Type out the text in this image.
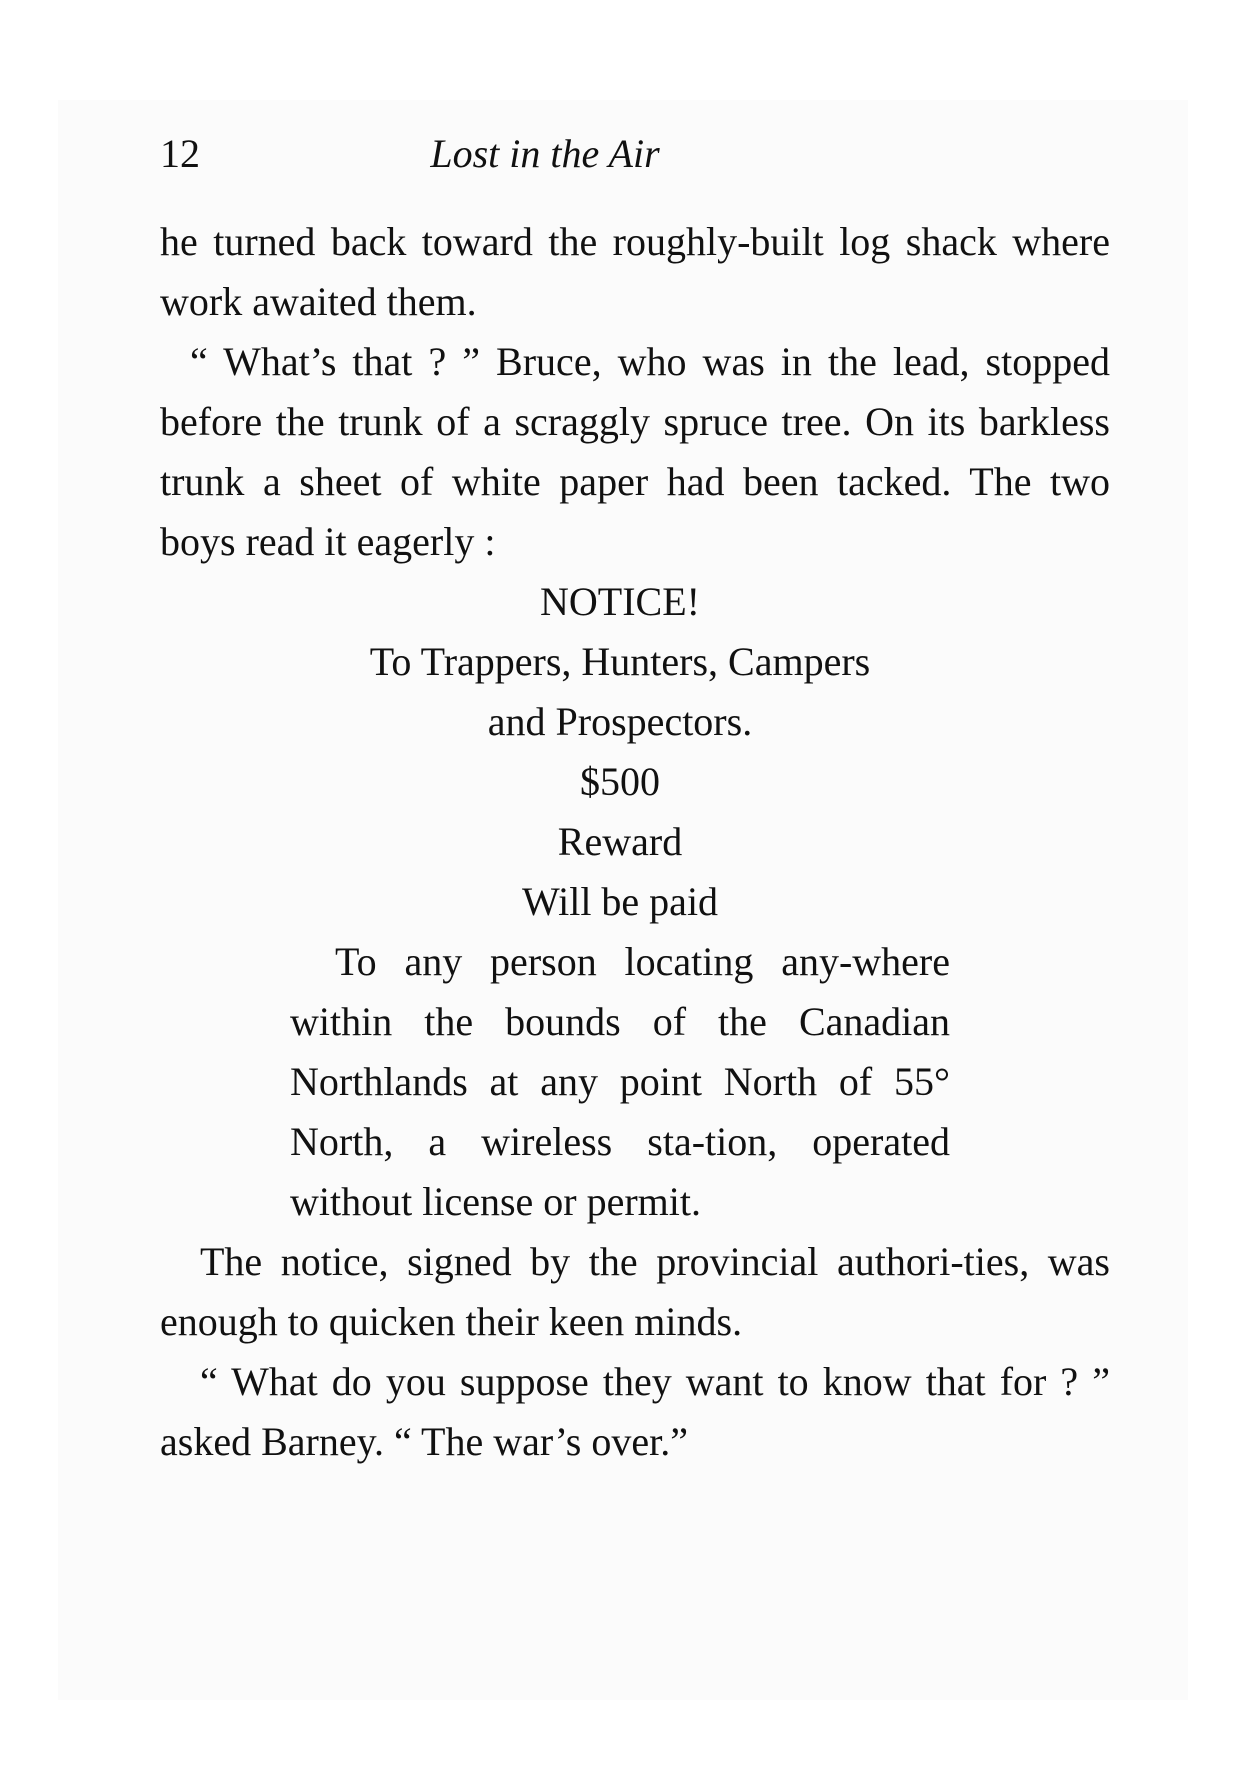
12	Lost in the Air

he turned back toward the roughly-built log shack where work awaited them.

“ What’s that ? ” Bruce, who was in the lead, stopped before the trunk of a scraggly spruce tree. On its barkless trunk a sheet of white paper had been tacked. The two boys read it eagerly :

NOTICE!
To Trappers, Hunters, Campers
and Prospectors.
$500
Reward
Will be paid
To any person locating any-where within the bounds of the Canadian Northlands at any point North of 55° North, a wireless sta-tion, operated without license or permit.

The notice, signed by the provincial authori-ties, was enough to quicken their keen minds.

“ What do you suppose they want to know that for ? ” asked Barney. “ The war’s over.”
